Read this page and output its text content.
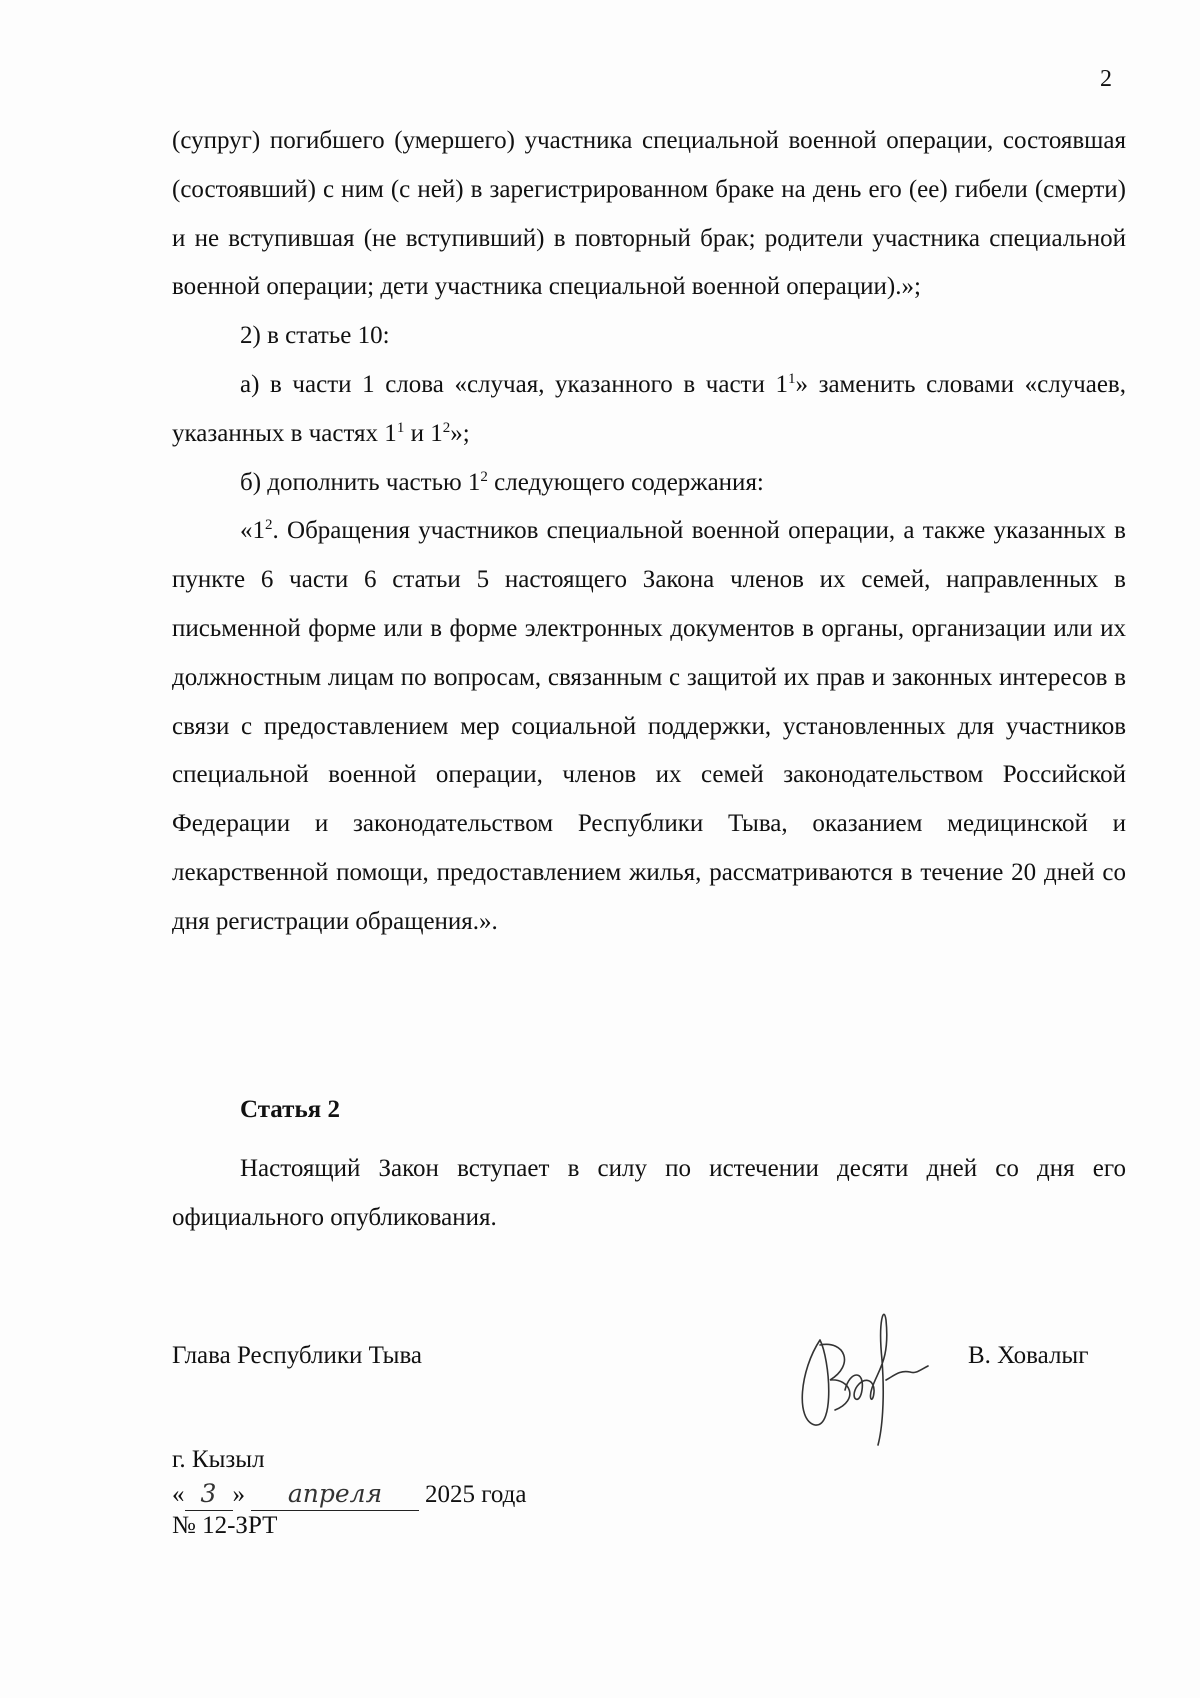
2

(супруг) погибшего (умершего) участника специальной военной операции, состоявшая (состоявший) с ним (с ней) в зарегистрированном браке на день его (ее) гибели (смерти) и не вступившая (не вступивший) в повторный брак; родители участника специальной военной операции; дети участника специальной военной операции).»;

2) в статье 10:

а) в части 1 слова «случая, указанного в части $1^1$» заменить словами «случаев, указанных в частях $1^1$ и $1^2$»;

б) дополнить частью $1^2$ следующего содержания:

«$1^2$. Обращения участников специальной военной операции, а также указанных в пункте 6 части 6 статьи 5 настоящего Закона членов их семей, направленных в письменной форме или в форме электронных документов в органы, организации или их должностным лицам по вопросам, связанным с защитой их прав и законных интересов в связи с предоставлением мер социальной поддержки, установленных для участников специальной военной операции, членов их семей законодательством Российской Федерации и законодательством Республики Тыва, оказанием медицинской и лекарственной помощи, предоставлением жилья, рассматриваются в течение 20 дней со дня регистрации обращения.».

Статья 2

Настоящий Закон вступает в силу по истечении десяти дней со дня его официального опубликования.

Глава Республики Тыва	В. Ховалыг
г. Кызыл
« 3 » апреля 2025 года
№ 12-ЗРТ
